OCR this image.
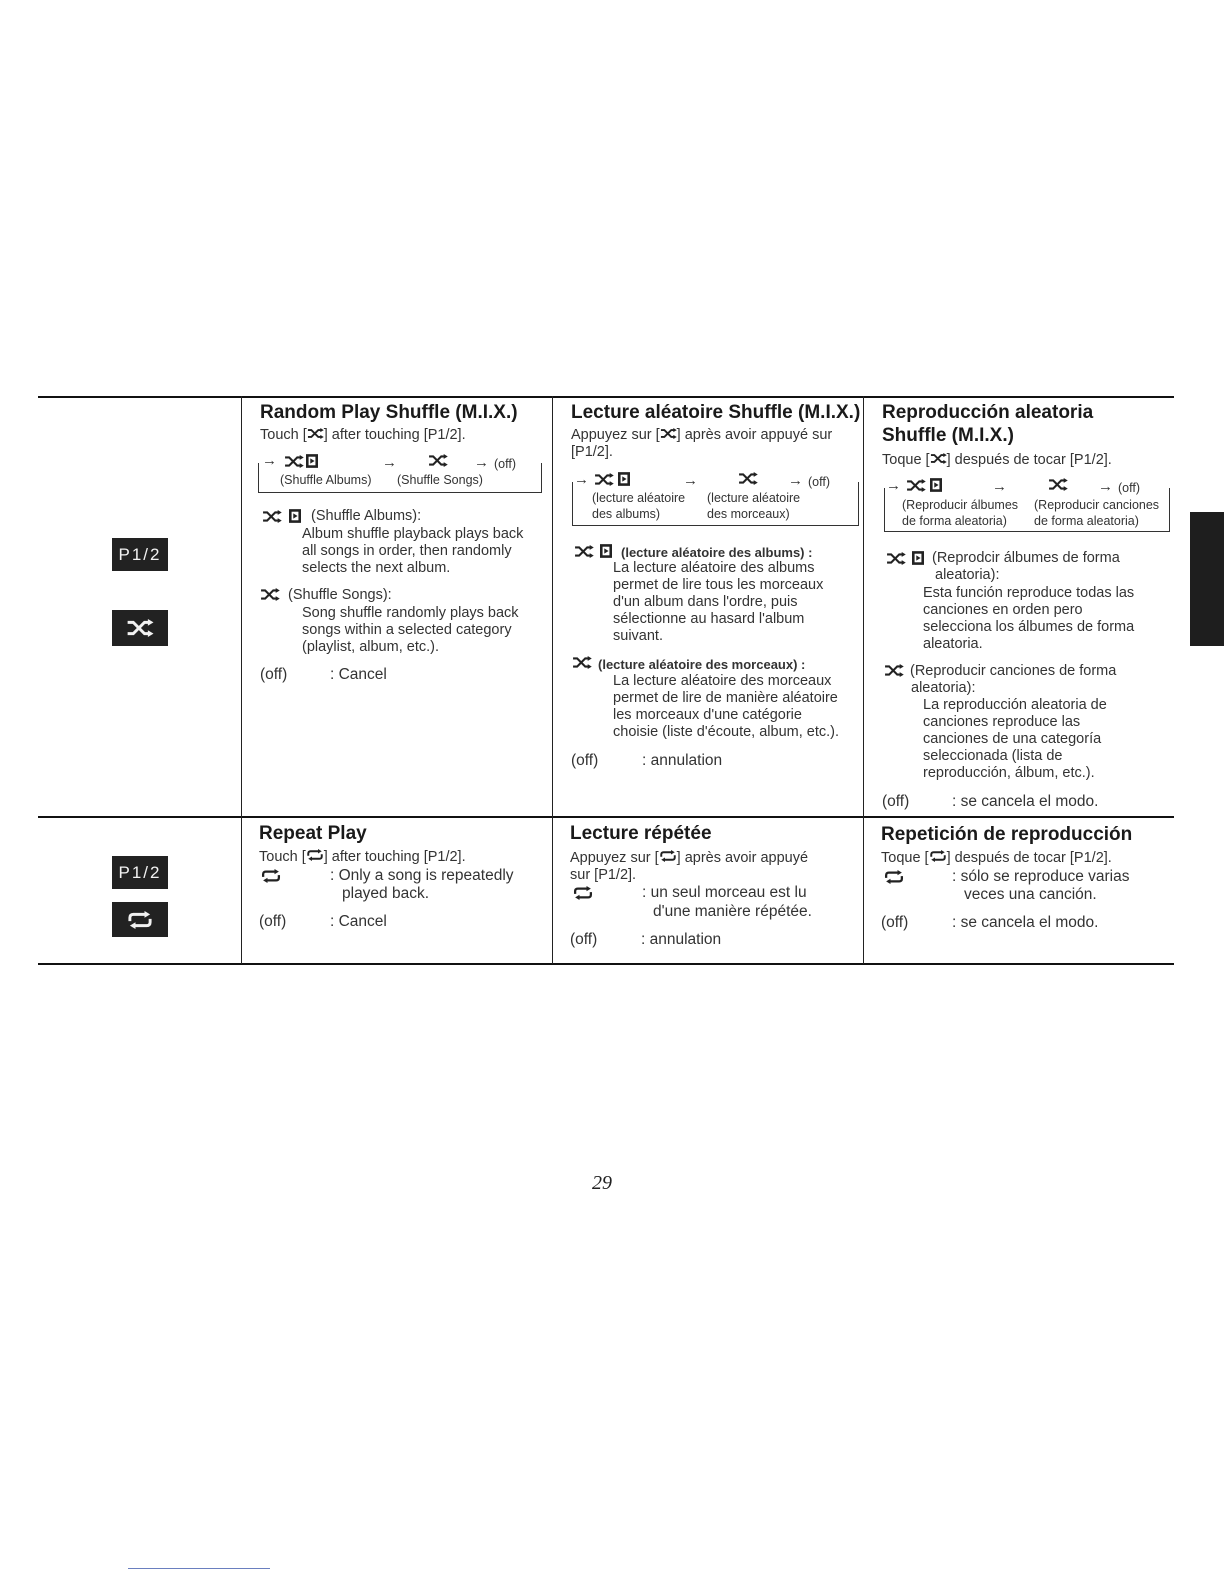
P1/2
P1/2
Random Play Shuffle (M.I.X.)
Touch [ ] after touching [P1/2].
→	→	→ (off)
(Shuffle Albums) (Shuffle Songs)
(Shuffle Albums):
Album shuffle playback plays back
all songs in order, then randomly
selects the next album.
(Shuffle Songs):
Song shuffle randomly plays back
songs within a selected category
(playlist, album, etc.).
(off)	: Cancel
Lecture aléatoire Shuffle (M.I.X.)
Appuyez sur [ ] après avoir appuyé sur
[P1/2].
→	→	→ (off)
(lecture aléatoire
des albums)
(lecture aléatoire
des morceaux)
(lecture aléatoire des albums) :
La lecture aléatoire des albums
permet de lire tous les morceaux
d'un album dans l'ordre, puis
sélectionne au hasard l'album
suivant.
(lecture aléatoire des morceaux) :
La lecture aléatoire des morceaux
permet de lire de manière aléatoire
les morceaux d'une catégorie
choisie (liste d'écoute, album, etc.).
(off)	: annulation
Reproducción aleatoria
Shuffle (M.I.X.)
Toque [ ] después de tocar [P1/2].
→	→	→ (off)
(Reproducir álbumes
de forma aleatoria)
(Reproducir canciones
de forma aleatoria)
(Reprodcir álbumes de forma
aleatoria):
Esta función reproduce todas las
canciones en orden pero
selecciona los álbumes de forma
aleatoria.
(Reproducir canciones de forma
aleatoria):
La reproducción aleatoria de
canciones reproduce las
canciones de una categoría
seleccionada (lista de
reproducción, álbum, etc.).
(off)	: se cancela el modo.
Repeat Play
Touch [ ] after touching [P1/2].
: Only a song is repeatedly
played back.
(off)	: Cancel
Lecture répétée
Appuyez sur [ ] après avoir appuyé
sur [P1/2].
: un seul morceau est lu
d'une manière répétée.
(off)	: annulation
Repetición de reproducción
Toque [ ] después de tocar [P1/2].
: sólo se reproduce varias
veces una canción.
(off)	: se cancela el modo.
29
